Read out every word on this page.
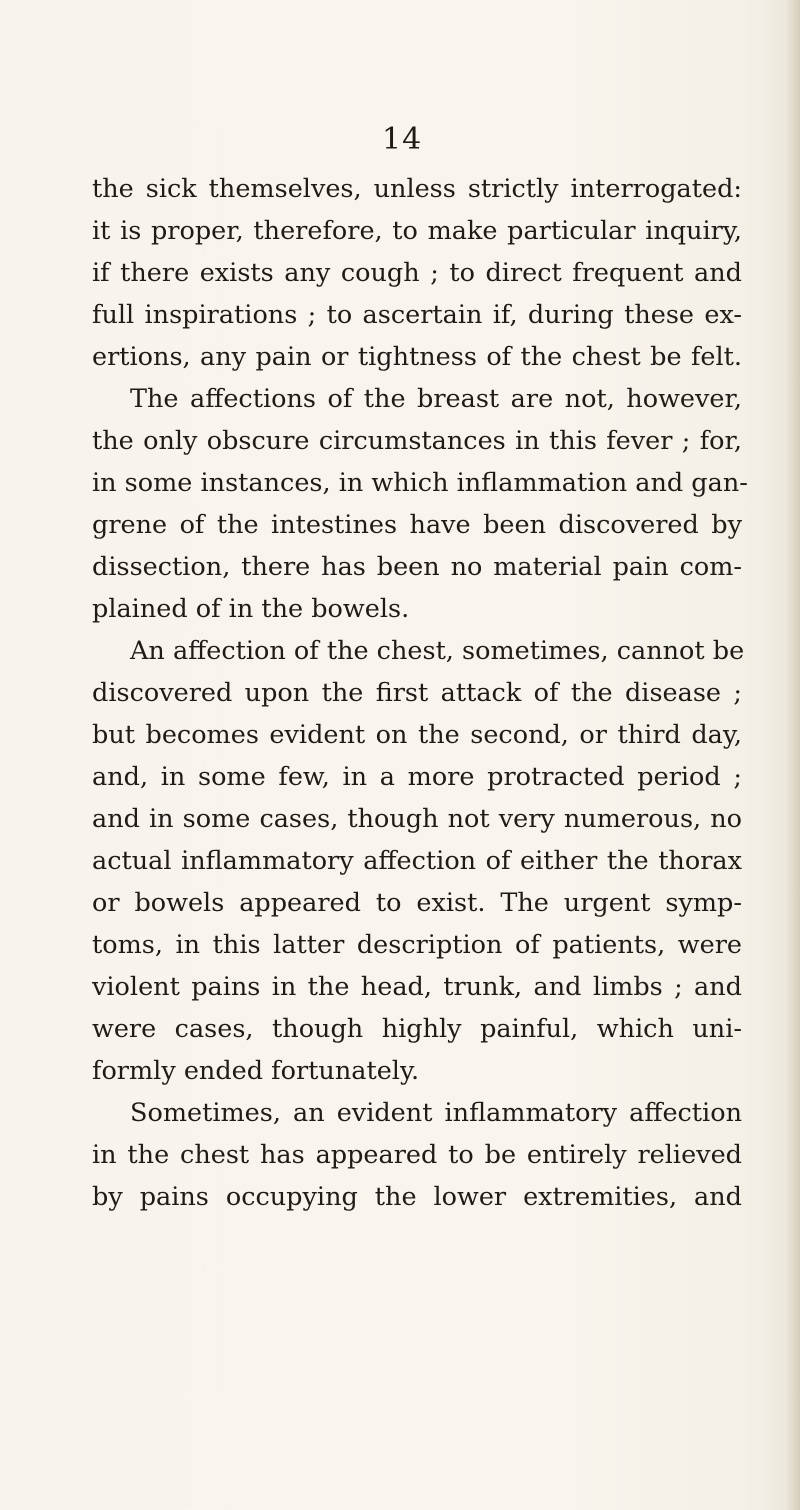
14
the sick themselves, unless strictly interrogated:
it is proper, therefore, to make particular inquiry,
if there exists any cough ; to direct frequent and
full inspirations ; to ascertain if, during these ex-
ertions, any pain or tightness of the chest be felt.
The affections of the breast are not, however,
the only obscure circumstances in this fever ; for,
in some instances, in which inflammation and gan-
grene of the intestines have been discovered by
dissection, there has been no material pain com-
plained of in the bowels.
An affection of the chest, sometimes, cannot be
discovered upon the first attack of the disease ;
but becomes evident on the second, or third day,
and, in some few, in a more protracted period ;
and in some cases, though not very numerous, no
actual inflammatory affection of either the thorax
or bowels appeared to exist. The urgent symp-
toms, in this latter description of patients, were
violent pains in the head, trunk, and limbs ; and
were cases, though highly painful, which uni-
formly ended fortunately.
Sometimes, an evident inflammatory affection
in the chest has appeared to be entirely relieved
by pains occupying the lower extremities, and
